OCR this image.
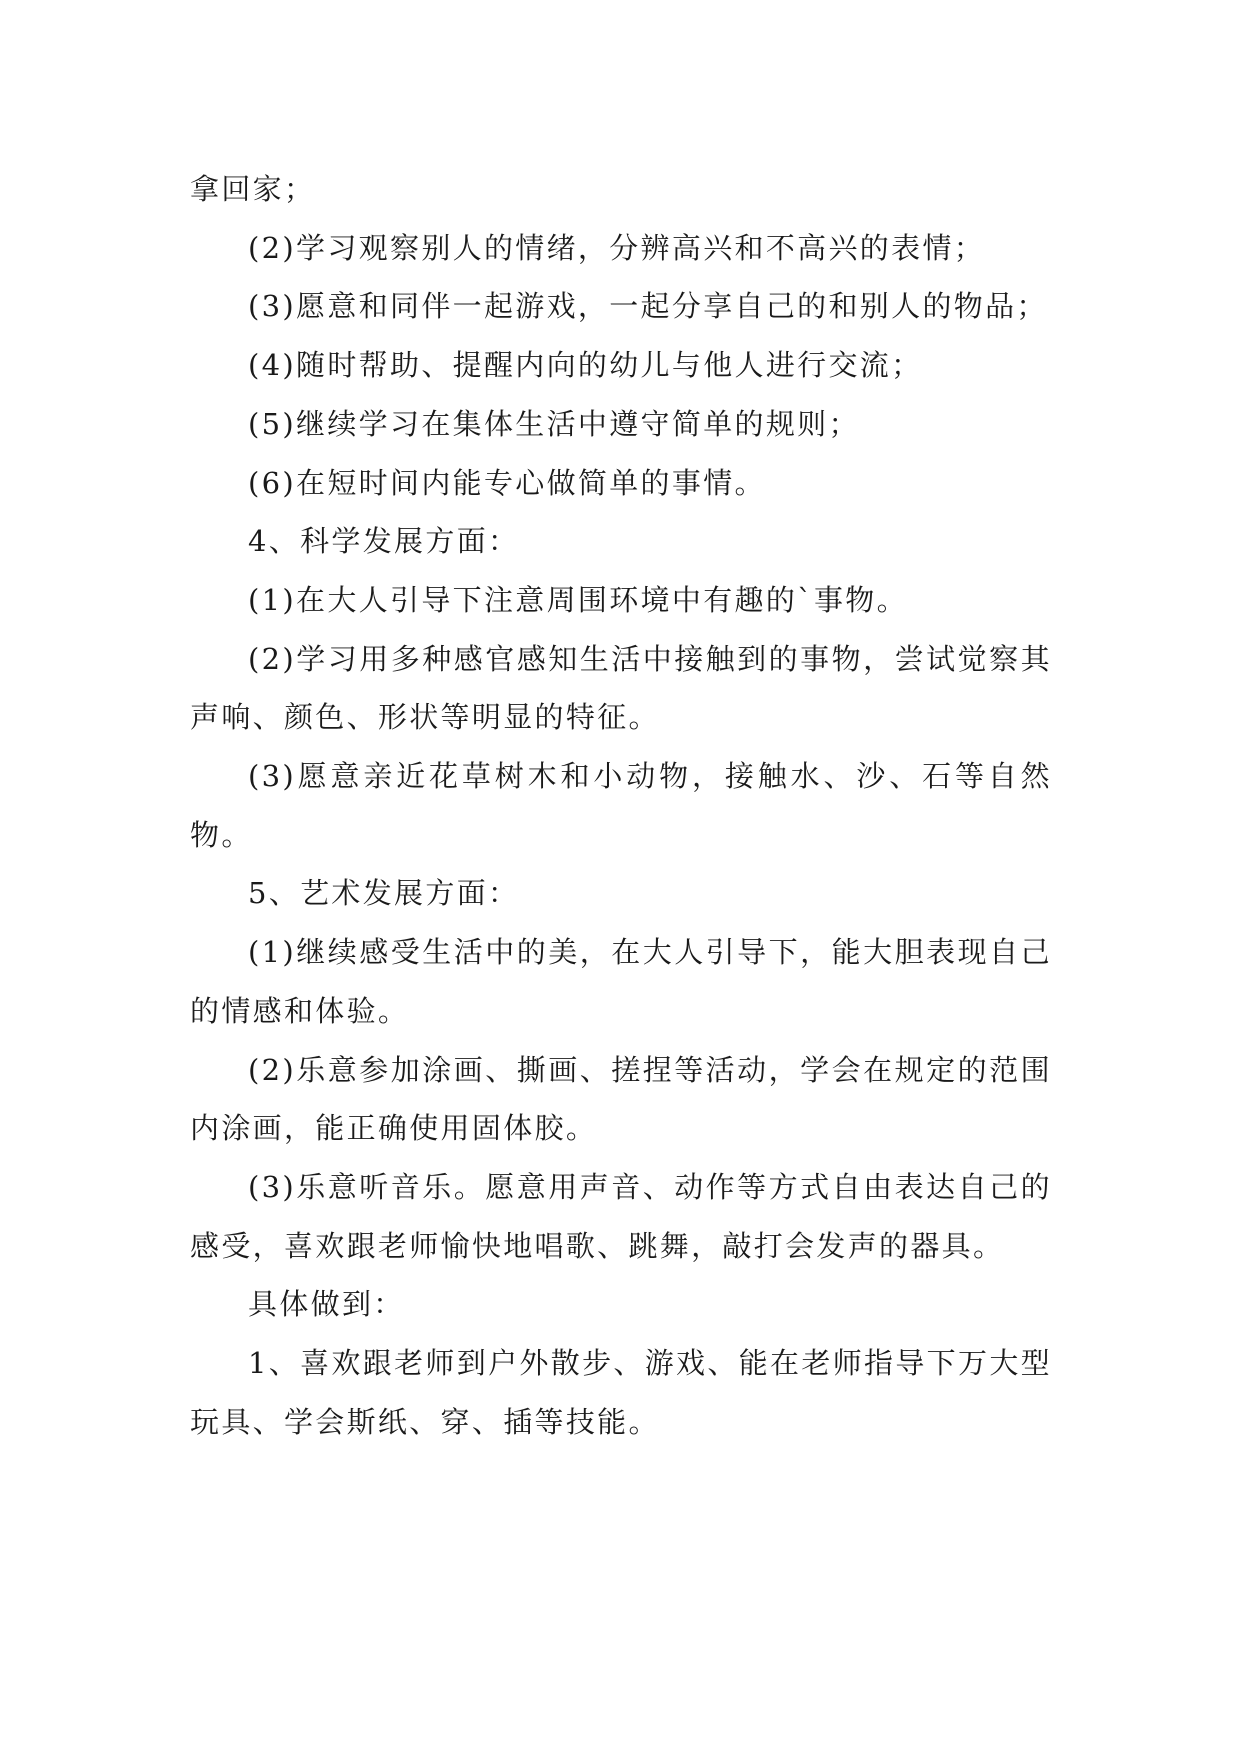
拿回家；

(2)学习观察别人的情绪，分辨高兴和不高兴的表情；

(3)愿意和同伴一起游戏，一起分享自己的和别人的物品；

(4)随时帮助、提醒内向的幼儿与他人进行交流；

(5)继续学习在集体生活中遵守简单的规则；

(6)在短时间内能专心做简单的事情。

4、科学发展方面：

(1)在大人引导下注意周围环境中有趣的`事物。

(2)学习用多种感官感知生活中接触到的事物，尝试觉察其声响、颜色、形状等明显的特征。

(3)愿意亲近花草树木和小动物，接触水、沙、石等自然物。

5、艺术发展方面：

(1)继续感受生活中的美，在大人引导下，能大胆表现自己的情感和体验。

(2)乐意参加涂画、撕画、搓捏等活动，学会在规定的范围内涂画，能正确使用固体胶。

(3)乐意听音乐。愿意用声音、动作等方式自由表达自己的感受，喜欢跟老师愉快地唱歌、跳舞，敲打会发声的器具。

具体做到：

1、喜欢跟老师到户外散步、游戏、能在老师指导下万大型玩具、学会斯纸、穿、插等技能。
